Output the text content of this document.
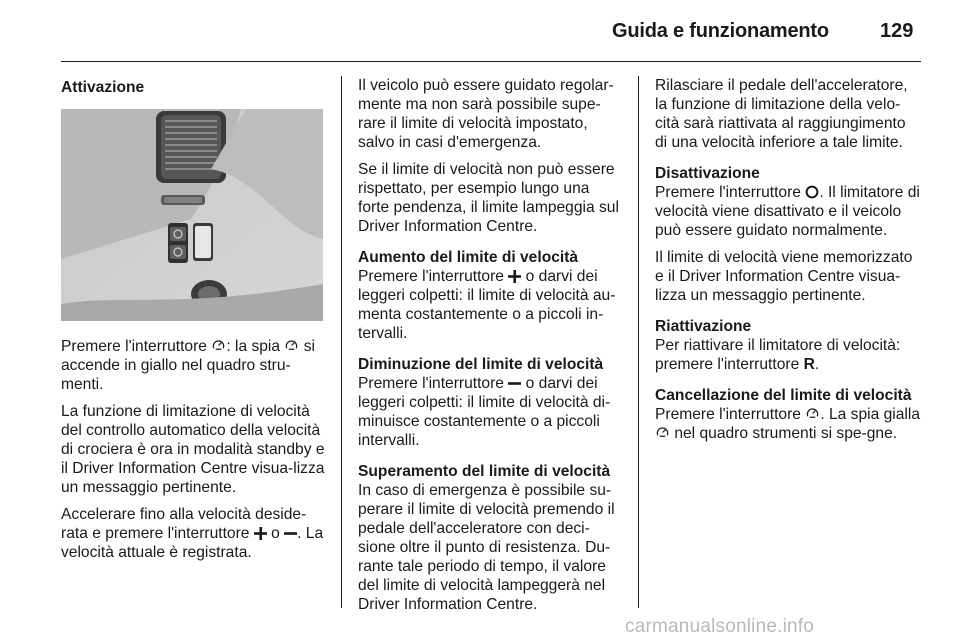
Guida e funzionamento	129
Attivazione

Premere l'interruttore : la spia  si accende in giallo nel quadro stru-menti.

La funzione di limitazione di velocità del controllo automatico della velocità di crociera è ora in modalità standby e il Driver Information Centre visua-lizza un messaggio pertinente.

Accelerare fino alla velocità deside-rata e premere l'interruttore  o . La velocità attuale è registrata.

Il veicolo può essere guidato regolar-mente ma non sarà possibile supe-rare il limite di velocità impostato, salvo in casi d'emergenza.

Se il limite di velocità non può essere rispettato, per esempio lungo una forte pendenza, il limite lampeggia sul Driver Information Centre.

Aumento del limite di velocità

Premere l'interruttore  o darvi dei leggeri colpetti: il limite di velocità au-menta costantemente o a piccoli in-tervalli.

Diminuzione del limite di velocità

Premere l'interruttore  o darvi dei leggeri colpetti: il limite di velocità di-minuisce costantemente o a piccoli intervalli.

Superamento del limite di velocità

In caso di emergenza è possibile su-perare il limite di velocità premendo il pedale dell'acceleratore con deci-sione oltre il punto di resistenza. Du-rante tale periodo di tempo, il valore del limite di velocità lampeggerà nel Driver Information Centre.

Rilasciare il pedale dell'acceleratore, la funzione di limitazione della velo-cità sarà riattivata al raggiungimento di una velocità inferiore a tale limite.

Disattivazione

Premere l'interruttore . Il limitatore di velocità viene disattivato e il veicolo può essere guidato normalmente.

Il limite di velocità viene memorizzato e il Driver Information Centre visua-lizza un messaggio pertinente.

Riattivazione

Per riattivare il limitatore di velocità: premere l'interruttore R.

Cancellazione del limite di velocità

Premere l'interruttore . La spia gialla  nel quadro strumenti si spe-gne.

carmanualsonline.info
